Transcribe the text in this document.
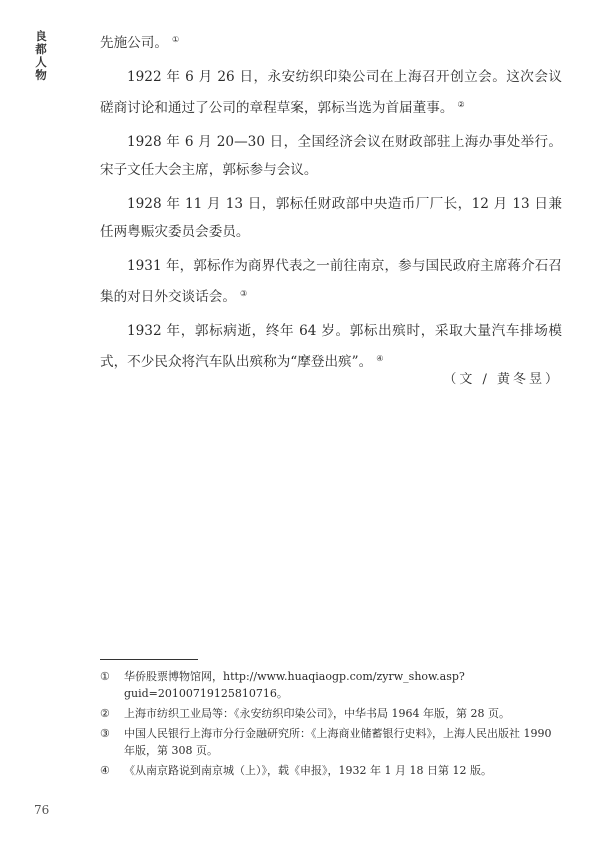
良
都
人
物

先施公司。 ①

1922 年 6 月 26 日，永安纺织印染公司在上海召开创立会。这次会议磋商讨论和通过了公司的章程草案，郭标当选为首届董事。 ②

1928 年 6 月 20—30 日，全国经济会议在财政部驻上海办事处举行。宋子文任大会主席，郭标参与会议。

1928 年 11 月 13 日，郭标任财政部中央造币厂厂长，12 月 13 日兼任两粤赈灾委员会委员。

1931 年，郭标作为商界代表之一前往南京，参与国民政府主席蒋介石召集的对日外交谈话会。 ③

1932 年，郭标病逝，终年 64 岁。郭标出殡时，采取大量汽车排场模式，不少民众将汽车队出殡称为“摩登出殡”。 ④

（文 / 黄冬昱）
① 华侨股票博物馆网，http://www.huaqiaogp.com/zyrw_show.asp?guid=20100719125810716。
② 上海市纺织工业局等：《永安纺织印染公司》，中华书局 1964 年版，第 28 页。
③ 中国人民银行上海市分行金融研究所：《上海商业储蓄银行史料》，上海人民出版社 1990 年版，第 308 页。
④ 《从南京路说到南京城（上）》，载《申报》，1932 年 1 月 18 日第 12 版。
76
